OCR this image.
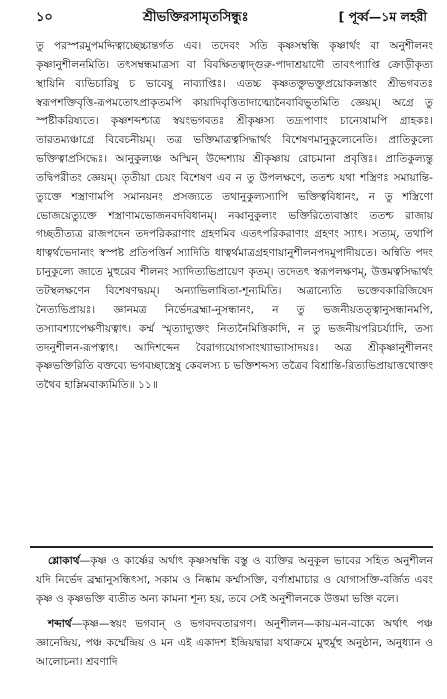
১০	শ্রীভক্তিরসামৃতসিন্ধুঃ	[ পূর্ব্ব—১ম লহরী

তু পরস্পরমুপমদ্দিত্বাচ্ছেচ্চান্তর্গত এব। তদেবং সতি কৃষ্ণসম্বন্ধি কৃষ্ণার্থং বা অনুশীলনং কৃষ্ণানুশীলনমিতি। তৎসম্বন্ধমাত্রস্য বা বিবক্ষিতত্বাদ্গুরু-পাদাশ্রয়াদৌ তাবৎপ্যাপ্তি ক্রোড়ীকৃত্য স্থায়িনি ব্যভিচারিষু চ ভাবেষু নাব্যাপ্তিঃ। এতচ্চ কৃষ্ণতক্তুভক্তুপ্রয়োকলস্তাং শ্রীভগবতঃ স্বরূপশক্তিবৃত্তি-রূপমতোঽপ্রাকৃতমপি কায়াদিবৃত্তিতাদাত্ম্যেনৈবাবিভূ্তমিতি জ্ঞেয়ম্। অগ্রে তু স্পষ্টীকরিষ্যতে। কৃষ্ণশব্দশ্চাত্র স্বয়ংভগবতঃ শ্রীকৃষ্ণস্য তদ্রূপাণাং চান্যেষামপি গ্রাহকঃ। তারতম্যঞ্চাগ্রে বিবেচনীয়ম্। তত্র ভক্তিমাত্রত্বসিদ্ধার্থং বিশেষণমানুকুল্যেনেতি। প্রাতিকুল্যে ভক্তিত্বাপ্রসিদ্ধেঃ। আনুকুল্যঞ্চ অস্মিন্ উদ্দেশ্যায় শ্রীকৃষ্ণায় রোচমানা প্রবৃত্তিঃ। প্রাতিকুল্যন্তু তদ্বিপরীতং জ্ঞেয়ম্। তৃতীয়া চেয়ং বিশেষণ এব ন তু উপলক্ষণে, ততশ্চ যথা শস্ত্রিণঃ সমায়ান্তি-ত্যুক্তে শস্ত্রাণামপি সমানয়নং প্রসজ্যতে তথানুকুল্যস্যাপি ভক্তিত্ববিধানং, ন তু শস্ত্রিণো ভোজয়েত্যুক্তে শস্ত্রাণামভোজনবদবিধানম্। নব্বানুকুল্যং ভক্তিরিত্যেবাস্তাং ততশ্চ রাজায় গচ্ছতীত্যত্র রাজপদেন তদপরিকরাণাং গ্রহণমিব এতৎপরিকরাণাং গ্রহণং স্যাৎ। সত্যম্, তথাপি ধাত্বর্থভেদানাং স্বস্পষ্ট প্রতিপত্তির্ন স্যাদিতি ধাত্বর্থমাত্রগ্রহণায়ানুশীলনপদমুপাদীয়তে। অন্বিতি পদং চানুকুল্যে জাতে মুহুরেব শীলনং স্যাদিত্যভিপ্রায়েণ কৃতম্। তদেতৎ স্বরূপলক্ষণম্, উত্তমত্বসিদ্ধার্থং তটস্থলক্ষণেন বিশেষণদ্বয়ম্। অন্যাভিলাষিতা-শূন্যমিতি। অত্রান্যেতি ভক্তেবকারিজিষেদ নৈত্যভিপ্রায়ঃ। জ্ঞানমত্র নির্ভেদব্রহ্মা-নুসন্ধানং, ন তু ভজনীয়তত্ত্বানুসন্ধানমপি, তস্যাবশ্যাপেক্ষণীয়ত্বাৎ। কর্ম্ম স্মৃত্যাদ্যুক্তং নিত্যনৈমিত্তিকাদি, ন তু ভজনীয়পরিচর্য্যাদি, তস্য তদনুশীলন-রূপত্বাৎ। আদিশব্দেন বৈরাগ্যযোগসাংখ্যাভ্যাসাদয়ঃ। অত্র শ্রীকৃষ্ণানুশীলনং কৃষ্ণভক্তিরিতি বক্তব্যে ভগবচ্ছাস্ত্রেষু কেবলস্য চ ভক্তিশব্দস্য তত্রৈব বিশ্রান্তি-রিত্যভিপ্রায়াত্তথোক্তং তথৈব হাম্লিমবাক্যমিতি॥ ১১॥

শ্লোকার্থ—কৃষ্ণ ও কার্ষ্ণের অর্থাৎ কৃষ্ণসম্বন্ধি বস্তু ও ব্যক্তির অনুকূল ভাবের সহিত অনুশীলন যদি নির্ভেদ ব্রহ্মানুসন্ধিৎসা, সকাম ও নিষ্কাম কর্ম্মাসক্তি, বর্ণাশ্রমাচার ও যোগাসক্তি-বর্জিত এবং কৃষ্ণ ও কৃষ্ণভক্তি ব্যতীত অন্য কামনা শূন্য হয়, তবে সেই অনুশীলনকে উত্তমা ভক্তি বলে।

শব্দার্থ—কৃষ্ণ—স্বয়ং ভগবান্ ও ভগবদবতারগণ। অনুশীলন—কায়-মন-বাক্যে অর্থাৎ পঞ্চ জ্ঞানেন্দ্রিয়, পঞ্চ কর্ম্মেন্দ্রিয় ও মন এই একাদশ ইন্দ্রিয়দ্বারা যথাক্রমে মুহুর্মুহু অনুষ্ঠান, অনুধ্যান ও আলোচনা। শ্রবণাদি
